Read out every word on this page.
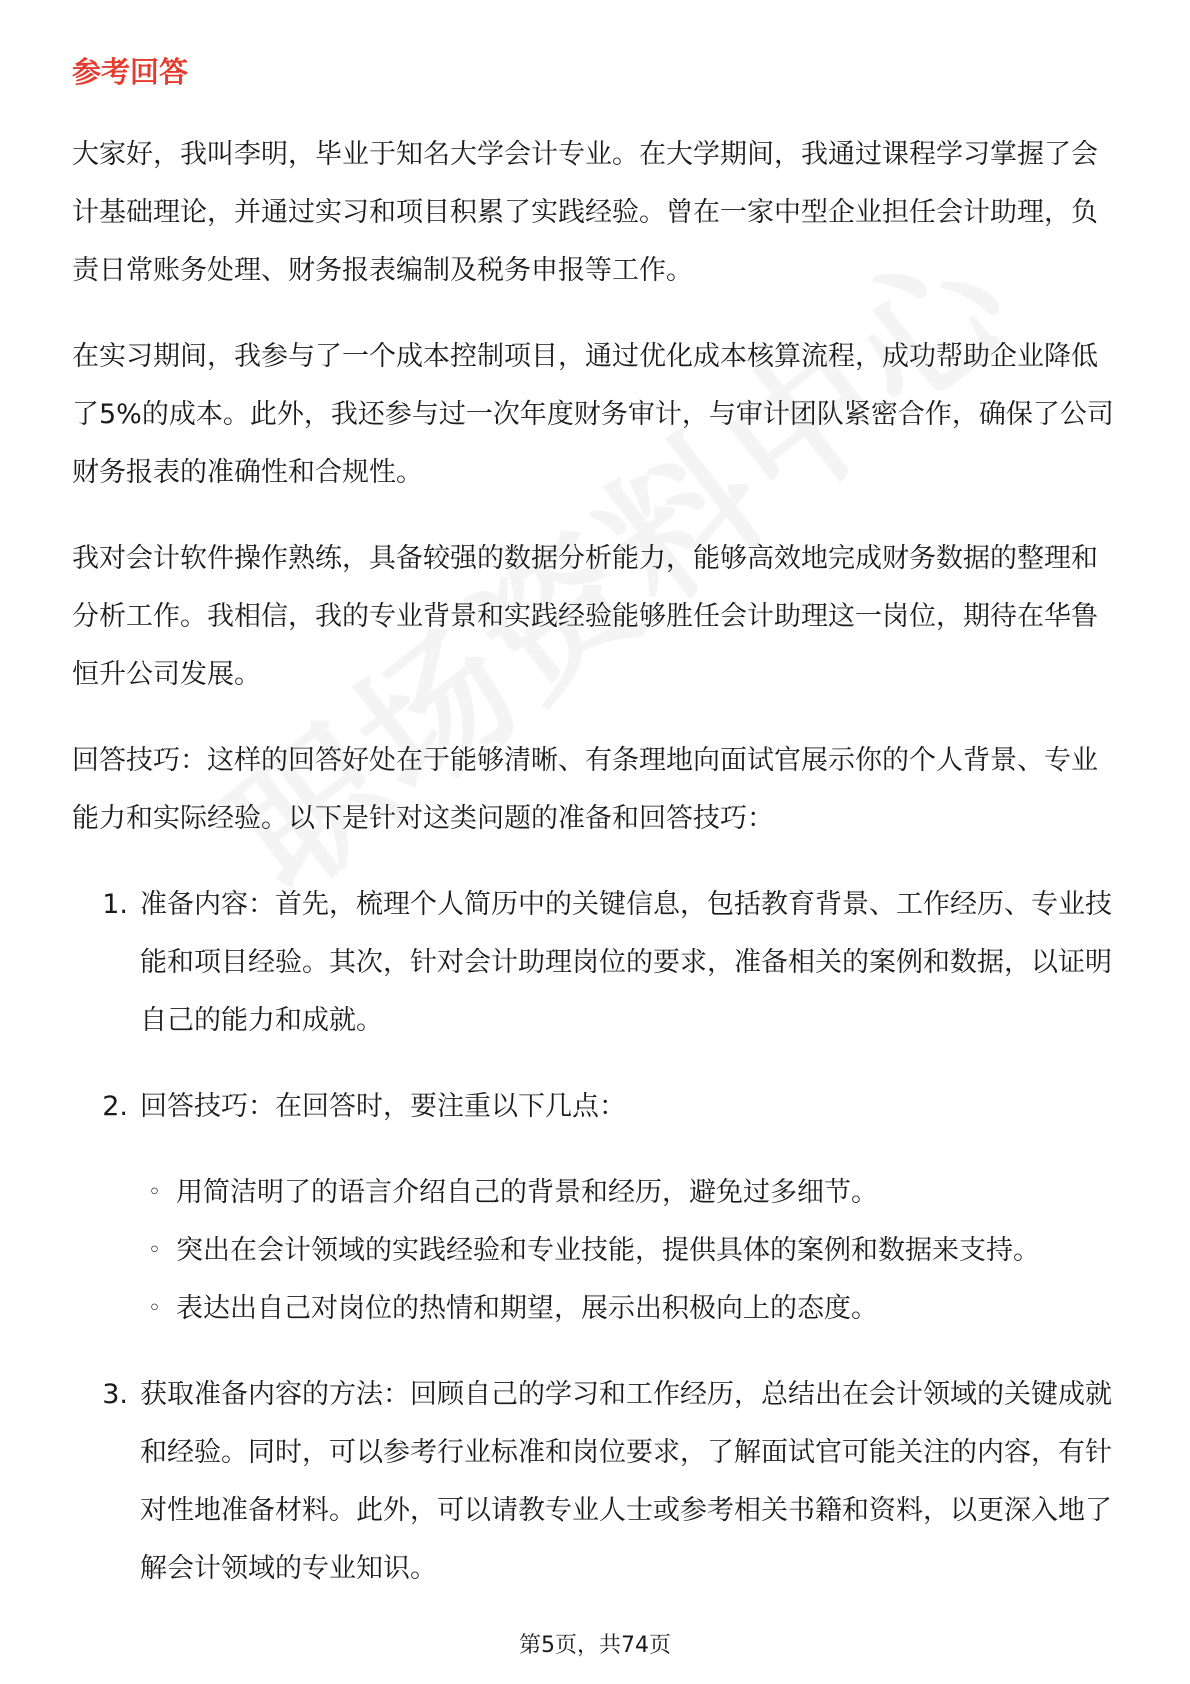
参考回答

大家好，我叫李明，毕业于知名大学会计专业。在大学期间，我通过课程学习掌握了会计基础理论，并通过实习和项目积累了实践经验。曾在一家中型企业担任会计助理，负责日常账务处理、财务报表编制及税务申报等工作。

在实习期间，我参与了一个成本控制项目，通过优化成本核算流程，成功帮助企业降低了5%的成本。此外，我还参与过一次年度财务审计，与审计团队紧密合作，确保了公司财务报表的准确性和合规性。

我对会计软件操作熟练，具备较强的数据分析能力，能够高效地完成财务数据的整理和分析工作。我相信，我的专业背景和实践经验能够胜任会计助理这一岗位，期待在华鲁恒升公司发展。

回答技巧：这样的回答好处在于能够清晰、有条理地向面试官展示你的个人背景、专业能力和实际经验。以下是针对这类问题的准备和回答技巧：

1. 准备内容：首先，梳理个人简历中的关键信息，包括教育背景、工作经历、专业技能和项目经验。其次，针对会计助理岗位的要求，准备相关的案例和数据，以证明自己的能力和成就。
2. 回答技巧：在回答时，要注重以下几点：
◦ 用简洁明了的语言介绍自己的背景和经历，避免过多细节。
◦ 突出在会计领域的实践经验和专业技能，提供具体的案例和数据来支持。
◦ 表达出自己对岗位的热情和期望，展示出积极向上的态度。
3. 获取准备内容的方法：回顾自己的学习和工作经历，总结出在会计领域的关键成就和经验。同时，可以参考行业标准和岗位要求，了解面试官可能关注的内容，有针对性地准备材料。此外，可以请教专业人士或参考相关书籍和资料，以更深入地了解会计领域的专业知识。
第5页，共74页
